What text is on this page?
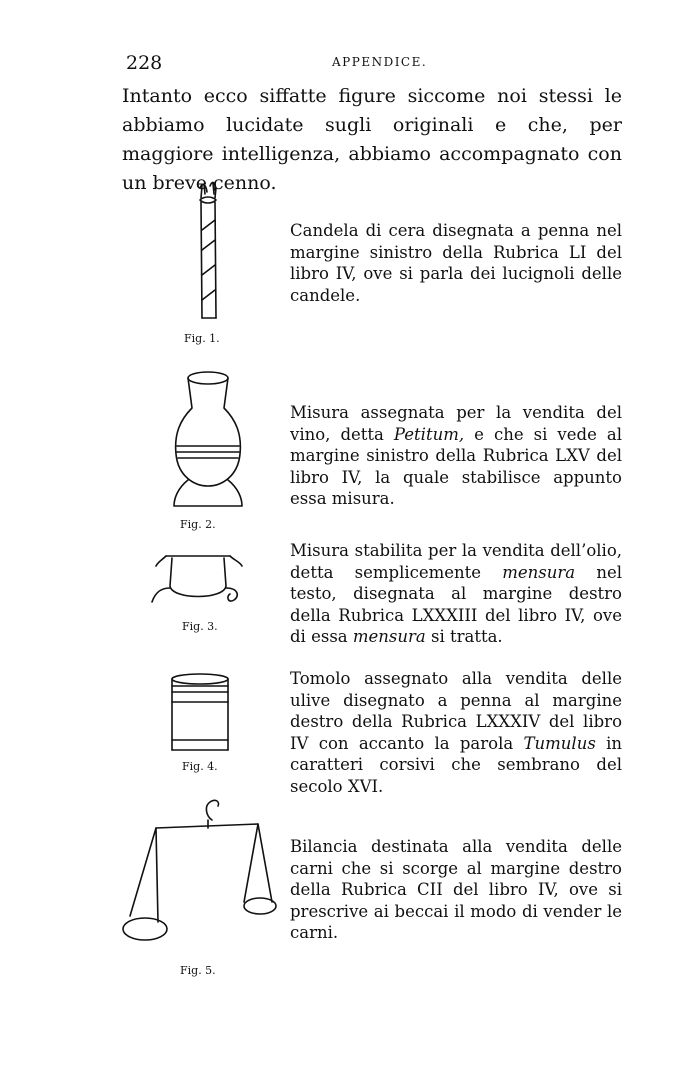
228	APPENDICE.
Intanto ecco siffatte figure siccome noi stessi le abbiamo lucidate sugli originali e che, per maggiore intelligenza, abbiamo accompagnato con un breve cenno.
Fig. 1.
Candela di cera disegnata a penna nel margine sinistro della Rubrica LI del libro IV, ove si parla dei lucignoli delle candele.
Fig. 2.
Misura assegnata per la vendita del vino, detta Petitum, e che si vede al margine sinistro della Rubrica LXV del libro IV, la quale stabilisce appunto essa misura.
Fig. 3.
Misura stabilita per la vendita dell’olio, detta semplicemente mensura nel testo, disegnata al margine destro della Rubrica LXXXIII del libro IV, ove di essa mensura si tratta.
Fig. 4.
Tomolo assegnato alla vendita delle ulive disegnato a penna al margine destro della Rubrica LXXXIV del libro IV con accanto la parola Tumulus in caratteri corsivi che sembrano del secolo XVI.
Fig. 5.
Bilancia destinata alla vendita delle carni che si scorge al margine destro della Rubrica CII del libro IV, ove si prescrive ai beccai il modo di vender le carni.
